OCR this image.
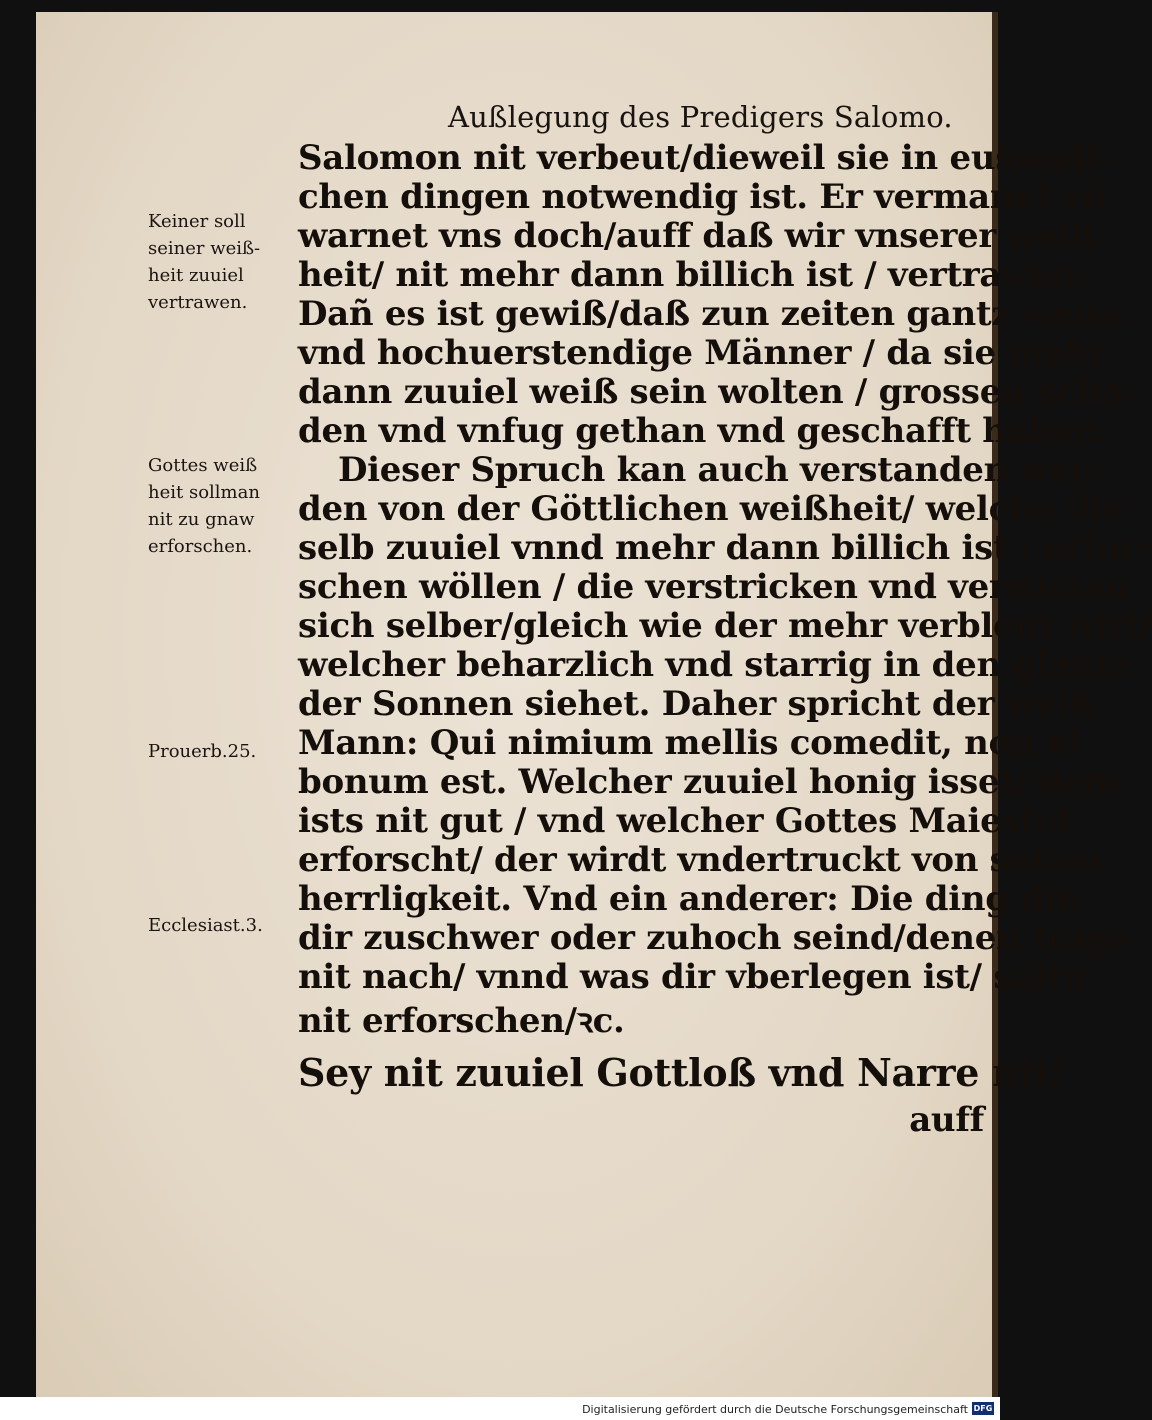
Außlegung des Predigers Salomo.
Keiner soll
seiner weiß-
heit zuuiel
vertrawen.
Gottes weiß
heit sollman
nit zu gnaw
erforschen.
Prouerb.25.
Ecclesiast.3.
Salomon nit verbeut/dieweil sie in eusserli-
chen dingen notwendig ist. Er vermanet vñ
warnet vns doch/auff daß wir vnserer weiß
heit/ nit mehr dann billich ist / vertrawen.
Dañ es ist gewiß/daß zun zeiten gantz weise
vnd hochuerstendige Männer / da sie mehr
dann zuuiel weiß sein wolten / grossen scha-
den vnd vnfug gethan vnd geschafft haben.
Dieser Spruch kan auch verstanden wer-
den von der Göttlichen weißheit/ welche die
selb zuuiel vnnd mehr dann billich ist / erfor-
schen wöllen / die verstricken vnd verwirren
sich selber/gleich wie der mehr verblent wirt/
welcher beharzlich vnd starrig in den glantz
der Sonnen siehet. Daher spricht der weiß
Mann: Qui nimium mellis comedit, non ei
bonum est. Welcher zuuiel honig isset/ dem
ists nit gut / vnd welcher Gottes Maiestet
erforscht/ der wirdt vndertruckt von seiner
herrligkeit. Vnd ein anderer: Die ding die
dir zuschwer oder zuhoch seind/denen frage
nit nach/ vnnd was dir vberlegen ist/ saltu
nit erforschen/ꝛc.
Sey nit zuuiel Gottloß vnd Narre nit/
auff
Digitalisierung gefördert durch die Deutsche Forschungsgemeinschaft DFG
